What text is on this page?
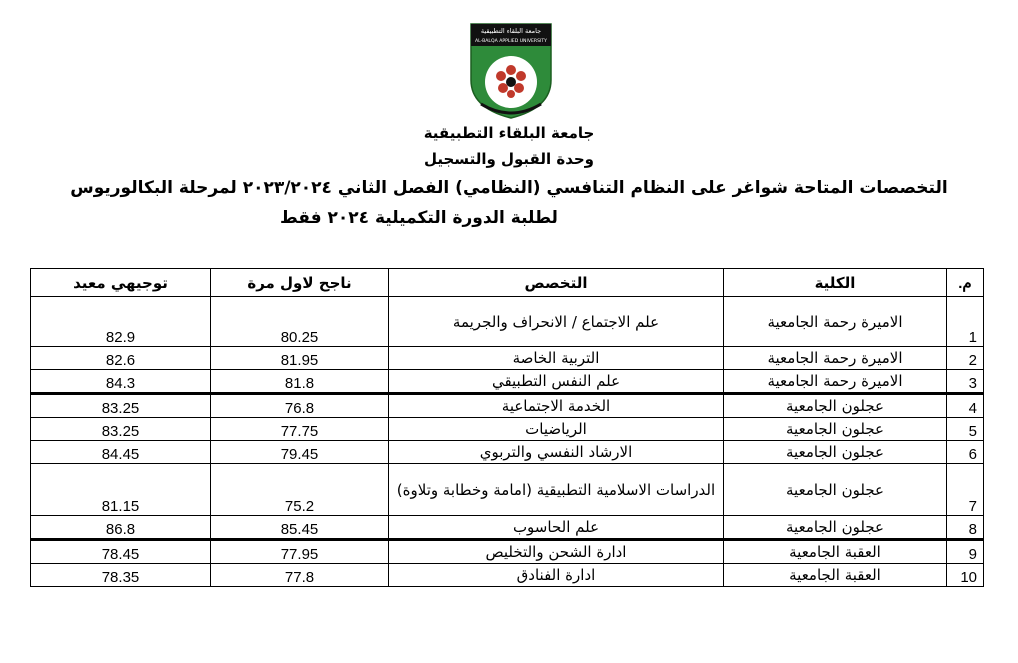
جامعة البلقاء التطبيقية
AL-BALQA APPLIED UNIVERSITY
جامعة البلقاء التطبيقية
وحدة القبول والتسجيل
التخصصات المتاحة شواغر على النظام التنافسي (النظامي) الفصل الثاني ٢٠٢٣/٢٠٢٤ لمرحلة البكالوريوس
لطلبة الدورة التكميلية ٢٠٢٤ فقط
م.	الكلية	التخصص	ناجح لاول مرة	توجيهي معيد
1	الاميرة رحمة الجامعية	علم الاجتماع / الانحراف والجريمة	80.25	82.9
2	الاميرة رحمة الجامعية	التربية الخاصة	81.95	82.6
3	الاميرة رحمة الجامعية	علم النفس التطبيقي	81.8	84.3
4	عجلون الجامعية	الخدمة الاجتماعية	76.8	83.25
5	عجلون الجامعية	الرياضيات	77.75	83.25
6	عجلون الجامعية	الارشاد النفسي والتربوي	79.45	84.45
7	عجلون الجامعية	الدراسات الاسلامية التطبيقية (امامة وخطابة وتلاوة)	75.2	81.15
8	عجلون الجامعية	علم الحاسوب	85.45	86.8
9	العقبة الجامعية	ادارة الشحن والتخليص	77.95	78.45
10	العقبة الجامعية	ادارة الفنادق	77.8	78.35
